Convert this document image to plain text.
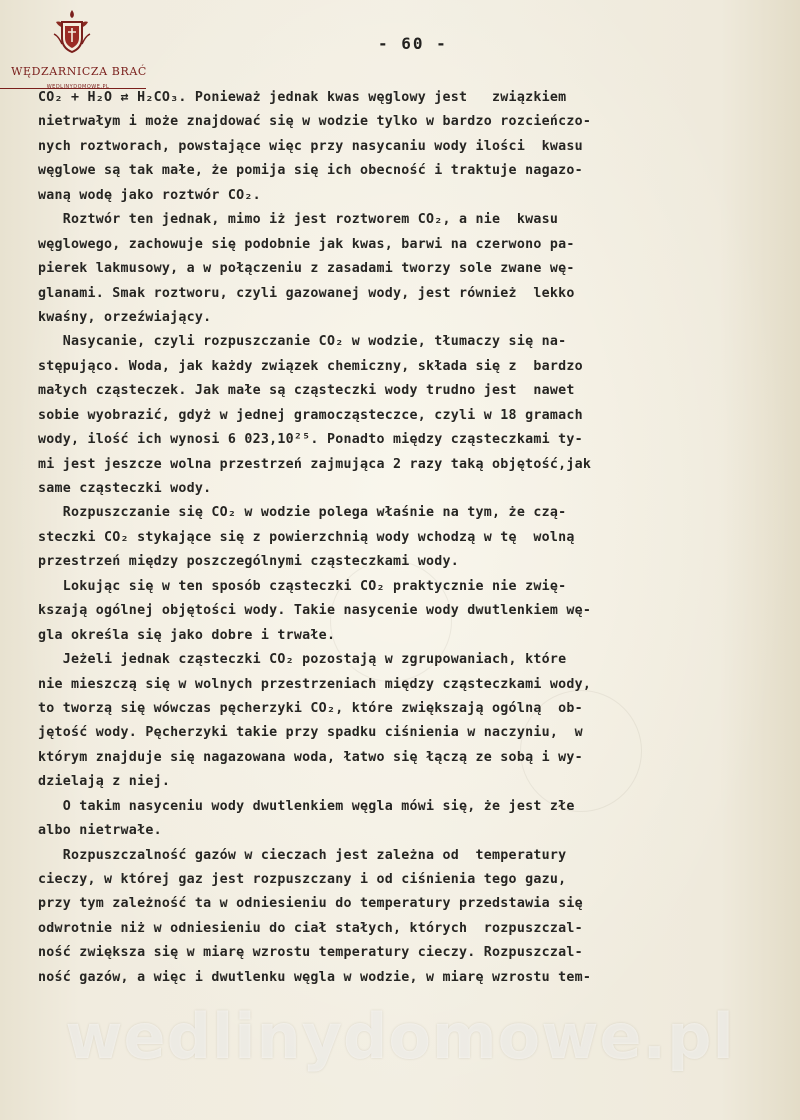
WĘDZARNICZA BRAĆ
WEDLINYDOMOWE.PL
- 60 -
CO₂ + H₂O ⇄ H₂CO₃. Ponieważ jednak kwas węglowy jest   związkiem
nietrwałym i może znajdować się w wodzie tylko w bardzo rozcieńczo-
nych roztworach, powstające więc przy nasycaniu wody ilości  kwasu
węglowe są tak małe, że pomija się ich obecność i traktuje nagazo-
waną wodę jako roztwór CO₂.
Roztwór ten jednak, mimo iż jest roztworem CO₂, a nie  kwasu
węglowego, zachowuje się podobnie jak kwas, barwi na czerwono pa-
pierek lakmusowy, a w połączeniu z zasadami tworzy sole zwane wę-
glanami. Smak roztworu, czyli gazowanej wody, jest również  lekko
kwaśny, orzeźwiający.
Nasycanie, czyli rozpuszczanie CO₂ w wodzie, tłumaczy się na-
stępująco. Woda, jak każdy związek chemiczny, składa się z  bardzo
małych cząsteczek. Jak małe są cząsteczki wody trudno jest  nawet
sobie wyobrazić, gdyż w jednej gramocząsteczce, czyli w 18 gramach
wody, ilość ich wynosi 6 023,10²⁵. Ponadto między cząsteczkami ty-
mi jest jeszcze wolna przestrzeń zajmująca 2 razy taką objętość,jak
same cząsteczki wody.
Rozpuszczanie się CO₂ w wodzie polega właśnie na tym, że czą-
steczki CO₂ stykające się z powierzchnią wody wchodzą w tę  wolną
przestrzeń między poszczególnymi cząsteczkami wody.
Lokując się w ten sposób cząsteczki CO₂ praktycznie nie zwię-
kszają ogólnej objętości wody. Takie nasycenie wody dwutlenkiem wę-
gla określa się jako dobre i trwałe.
Jeżeli jednak cząsteczki CO₂ pozostają w zgrupowaniach, które
nie mieszczą się w wolnych przestrzeniach między cząsteczkami wody,
to tworzą się wówczas pęcherzyki CO₂, które zwiększają ogólną  ob-
jętość wody. Pęcherzyki takie przy spadku ciśnienia w naczyniu,  w
którym znajduje się nagazowana woda, łatwo się łączą ze sobą i wy-
dzielają z niej.
O takim nasyceniu wody dwutlenkiem węgla mówi się, że jest złe
albo nietrwałe.
Rozpuszczalność gazów w cieczach jest zależna od  temperatury
cieczy, w której gaz jest rozpuszczany i od ciśnienia tego gazu,
przy tym zależność ta w odniesieniu do temperatury przedstawia się
odwrotnie niż w odniesieniu do ciał stałych, których  rozpuszczal-
ność zwiększa się w miarę wzrostu temperatury cieczy. Rozpuszczal-
ność gazów, a więc i dwutlenku węgla w wodzie, w miarę wzrostu tem-
wedlinydomowe.pl
